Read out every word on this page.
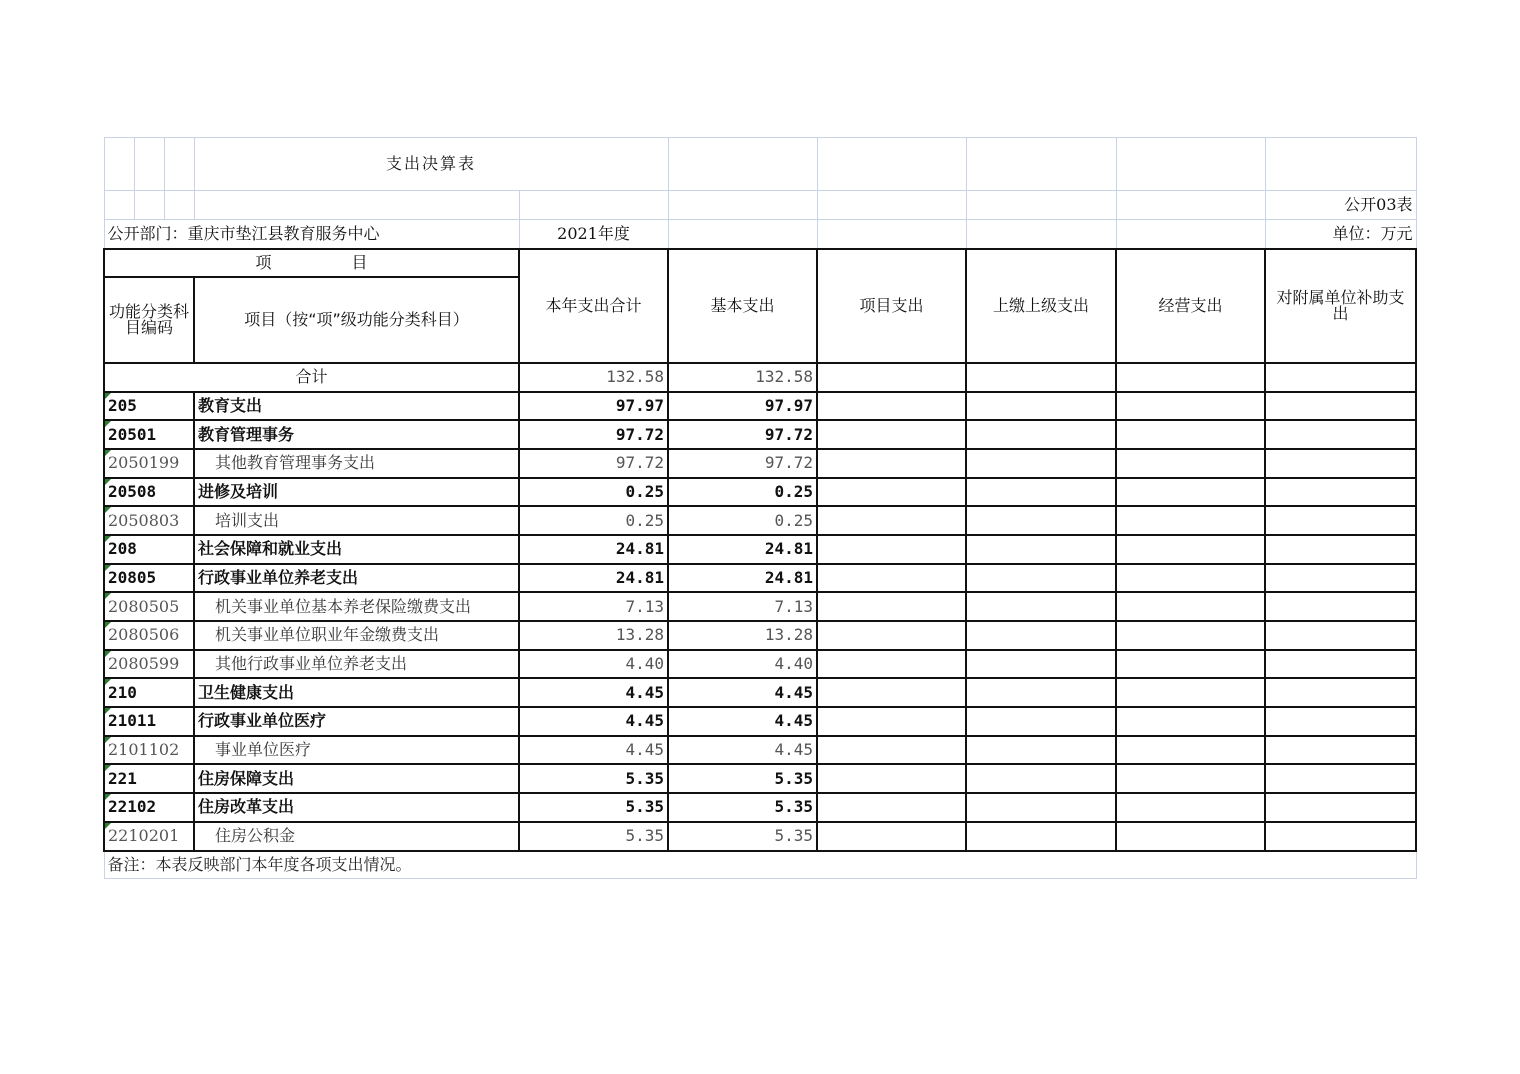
			支出决算表						
									公开03表
公开部门：重庆市垫江县教育服务中心				2021年度					单位：万元
项　　　　　目				本年支出合计	基本支出	项目支出	上缴上级支出	经营支出	对附属单位补助支出
功能分类科目编码			项目（按“项”级功能分类科目）						
合计				132.58	132.58				
205			教育支出	97.97	97.97				
20501			教育管理事务	97.72	97.72				
2050199			其他教育管理事务支出	97.72	97.72				
20508			进修及培训	0.25	0.25				
2050803			培训支出	0.25	0.25				
208			社会保障和就业支出	24.81	24.81				
20805			行政事业单位养老支出	24.81	24.81				
2080505			机关事业单位基本养老保险缴费支出	7.13	7.13				
2080506			机关事业单位职业年金缴费支出	13.28	13.28				
2080599			其他行政事业单位养老支出	4.40	4.40				
210			卫生健康支出	4.45	4.45				
21011			行政事业单位医疗	4.45	4.45				
2101102			事业单位医疗	4.45	4.45				
221			住房保障支出	5.35	5.35				
22102			住房改革支出	5.35	5.35				
2210201			住房公积金	5.35	5.35				
备注：本表反映部门本年度各项支出情况。									
